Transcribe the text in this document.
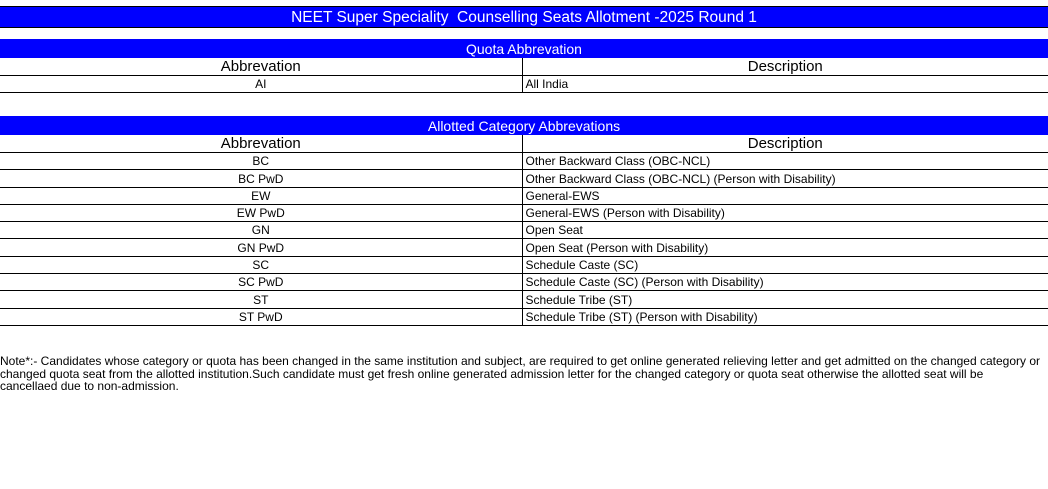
NEET Super Speciality  Counselling Seats Allotment -2025 Round 1
Quota Abbrevation
Abbrevation	Description
AI	All India
Allotted Category Abbrevations
Abbrevation	Description
BC	Other Backward Class (OBC-NCL)
BC PwD	Other Backward Class (OBC-NCL) (Person with Disability)
EW	General-EWS
EW PwD	General-EWS (Person with Disability)
GN	Open Seat
GN PwD	Open Seat (Person with Disability)
SC	Schedule Caste (SC)
SC PwD	Schedule Caste (SC) (Person with Disability)
ST	Schedule Tribe (ST)
ST PwD	Schedule Tribe (ST) (Person with Disability)
Note*:- Candidates whose category or quota has been changed in the same institution and subject, are required to get online generated relieving letter and get admitted on the changed category or changed quota seat from the allotted institution.Such candidate must get fresh online generated admission letter for the changed category or quota seat otherwise the allotted seat will be cancellaed due to non-admission.
